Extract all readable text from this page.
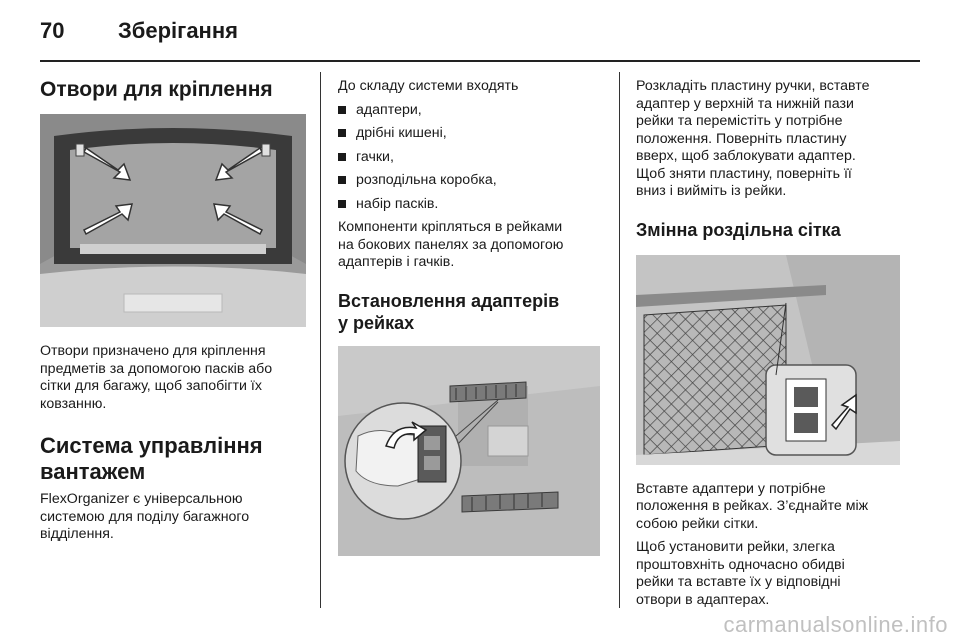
70 Зберігання
Отвори для кріплення

Отвори призначено для кріплення
предметів за допомогою пасків або
сітки для багажу, щоб запобігти їх
ковзанню.

Система управління
вантажем

FlexOrganizer є універсальною
системою для поділу багажного
відділення.

До складу системи входять

адаптери,
дрібні кишені,
гачки,
розподільна коробка,
набір пасків.

Компоненти кріпляться в рейками
на бокових панелях за допомогою
адаптерів і гачків.

Встановлення адаптерів
у рейках

Розкладіть пластину ручки, вставте
адаптер у верхній та нижній пази
рейки та перемістіть у потрібне
положення. Поверніть пластину
вверх, щоб заблокувати адаптер.
Щоб зняти пластину, поверніть її
вниз і вийміть із рейки.

Змінна роздільна сітка

Вставте адаптери у потрібне
положення в рейках. З’єднайте між
собою рейки сітки.

Щоб установити рейки, злегка
проштовхніть одночасно обидві
рейки та вставте їх у відповідні
отвори в адаптерах.

carmanualsonline.info
